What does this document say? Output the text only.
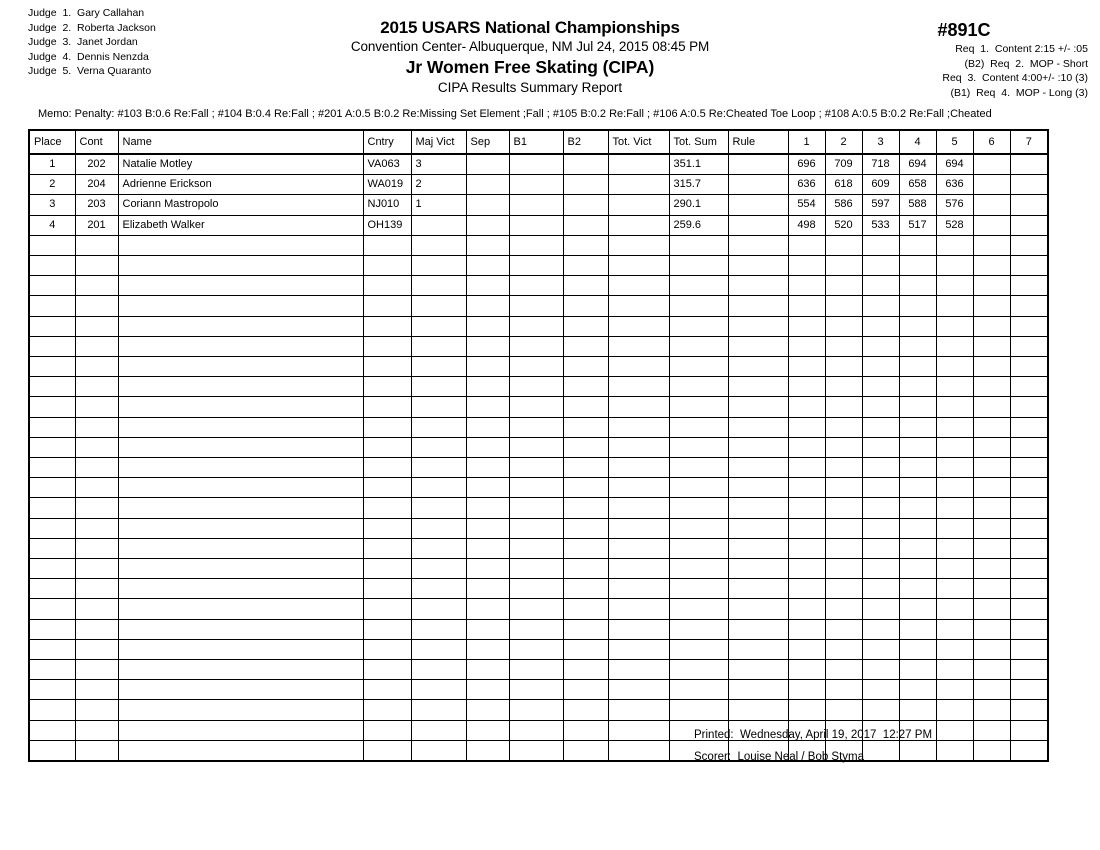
Judge  1.  Gary Callahan
Judge  2.  Roberta Jackson
Judge  3.  Janet Jordan
Judge  4.  Dennis Nenzda
Judge  5.  Verna Quaranto
2015 USARS National Championships
Convention Center- Albuquerque, NM Jul 24, 2015 08:45 PM
Jr Women Free Skating (CIPA)
CIPA Results Summary Report
#891C
Req  1.  Content 2:15 +/- :05
(B2)  Req  2.  MOP - Short
Req  3.  Content 4:00+/- :10 (3)
(B1)  Req  4.  MOP - Long (3)
Memo: Penalty: #103 B:0.6 Re:Fall ; #104 B:0.4 Re:Fall ; #201 A:0.5 B:0.2 Re:Missing Set Element ;Fall ; #105 B:0.2 Re:Fall ; #106 A:0.5 Re:Cheated Toe Loop ; #108 A:0.5 B:0.2 Re:Fall ;Cheated
Place	Cont	Name	Cntry	Maj Vict	Sep	B1	B2	Tot. Vict	Tot. Sum	Rule	1	2	3	4	5	6	7
1	202	Natalie Motley	VA063	3					351.1		696	709	718	694	694		
2	204	Adrienne Erickson	WA019	2					315.7		636	618	609	658	636		
3	203	Coriann Mastropolo	NJ010	1					290.1		554	586	597	588	576		
4	201	Elizabeth Walker	OH139						259.6		498	520	533	517	528		

Printed:  Wednesday, April 19, 2017  12:27 PM
Scorer:  Louise Neal / Bob Styma
